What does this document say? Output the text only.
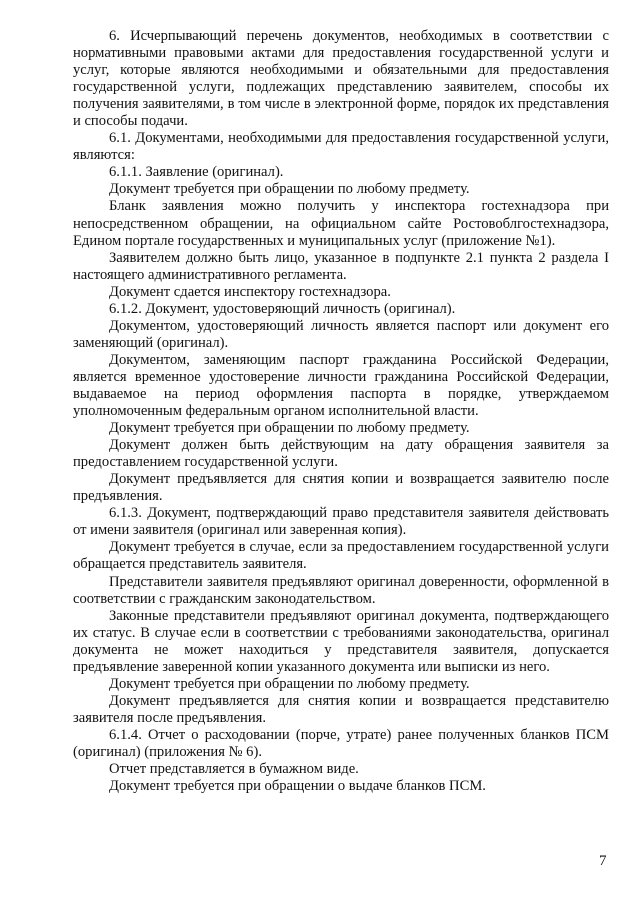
6. Исчерпывающий перечень документов, необходимых в соответствии с нормативными правовыми актами для предоставления государственной услуги и услуг, которые являются необходимыми и обязательными для предоставления государственной услуги, подлежащих представлению заявителем, способы их получения заявителями, в том числе в электронной форме, порядок их представления и способы подачи.

6.1. Документами, необходимыми для предоставления государственной услуги, являются:

6.1.1. Заявление (оригинал).

Документ требуется при обращении по любому предмету.

Бланк заявления можно получить у инспектора гостехнадзора при непосредственном обращении, на официальном сайте Ростовоблгостехнадзора, Едином портале государственных и муниципальных услуг (приложение №1).

Заявителем должно быть лицо, указанное в подпункте 2.1 пункта 2 раздела I настоящего административного регламента.

Документ сдается инспектору гостехнадзора.

6.1.2. Документ, удостоверяющий личность (оригинал).

Документом, удостоверяющий личность является паспорт или документ его заменяющий (оригинал).

Документом, заменяющим паспорт гражданина Российской Федерации, является временное удостоверение личности гражданина Российской Федерации, выдаваемое на период оформления паспорта в порядке, утверждаемом уполномоченным федеральным органом исполнительной власти.

Документ требуется при обращении по любому предмету.

Документ должен быть действующим на дату обращения заявителя за предоставлением государственной услуги.

Документ предъявляется для снятия копии и возвращается заявителю после предъявления.

6.1.3. Документ, подтверждающий право представителя заявителя действовать от имени заявителя (оригинал или заверенная копия).

Документ требуется в случае, если за предоставлением государственной услуги обращается представитель заявителя.

Представители заявителя предъявляют оригинал доверенности, оформленной в соответствии с гражданским законодательством.

Законные представители предъявляют оригинал документа, подтверждающего их статус. В случае если в соответствии с требованиями законодательства, оригинал документа не может находиться у представителя заявителя, допускается предъявление заверенной копии указанного документа или выписки из него.

Документ требуется при обращении по любому предмету.

Документ предъявляется для снятия копии и возвращается представителю заявителя после предъявления.

6.1.4. Отчет о расходовании (порче, утрате) ранее полученных бланков ПСМ (оригинал) (приложения № 6).

Отчет представляется в бумажном виде.

Документ требуется при обращении о выдаче бланков ПСМ.

7
